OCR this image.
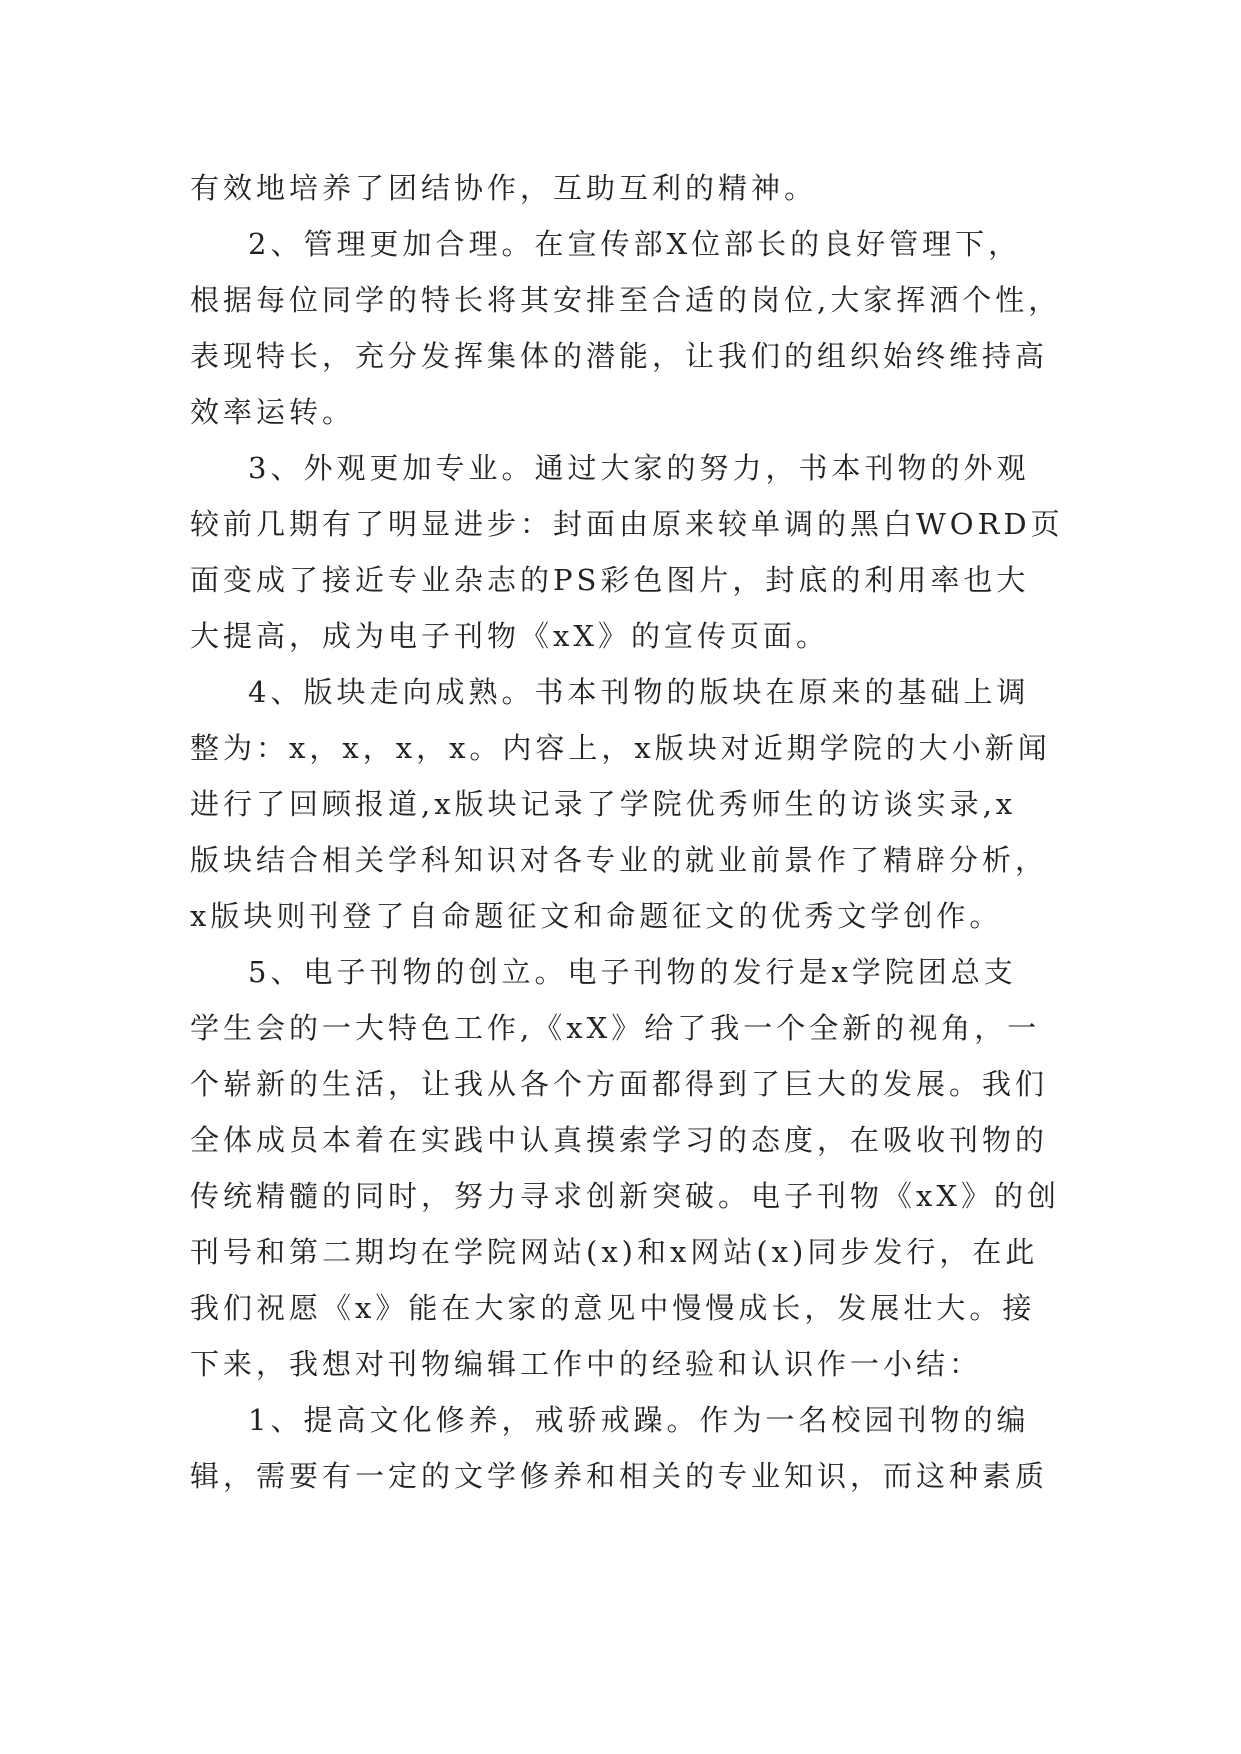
有效地培养了团结协作，互助互利的精神。
2、管理更加合理。在宣传部X位部长的良好管理下，
根据每位同学的特长将其安排至合适的岗位,大家挥洒个性，
表现特长，充分发挥集体的潜能，让我们的组织始终维持高
效率运转。
3、外观更加专业。通过大家的努力，书本刊物的外观
较前几期有了明显进步：封面由原来较单调的黑白WORD页
面变成了接近专业杂志的PS彩色图片，封底的利用率也大
大提高，成为电子刊物《xX》的宣传页面。
4、版块走向成熟。书本刊物的版块在原来的基础上调
整为：x，x，x，x。内容上，x版块对近期学院的大小新闻
进行了回顾报道,x版块记录了学院优秀师生的访谈实录,x
版块结合相关学科知识对各专业的就业前景作了精辟分析，
x版块则刊登了自命题征文和命题征文的优秀文学创作。
5、电子刊物的创立。电子刊物的发行是x学院团总支
学生会的一大特色工作,《xX》给了我一个全新的视角，一
个崭新的生活，让我从各个方面都得到了巨大的发展。我们
全体成员本着在实践中认真摸索学习的态度，在吸收刊物的
传统精髓的同时，努力寻求创新突破。电子刊物《xX》的创
刊号和第二期均在学院网站(x)和x网站(x)同步发行，在此
我们祝愿《x》能在大家的意见中慢慢成长，发展壮大。接
下来，我想对刊物编辑工作中的经验和认识作一小结：
1、提高文化修养，戒骄戒躁。作为一名校园刊物的编
辑，需要有一定的文学修养和相关的专业知识，而这种素质
